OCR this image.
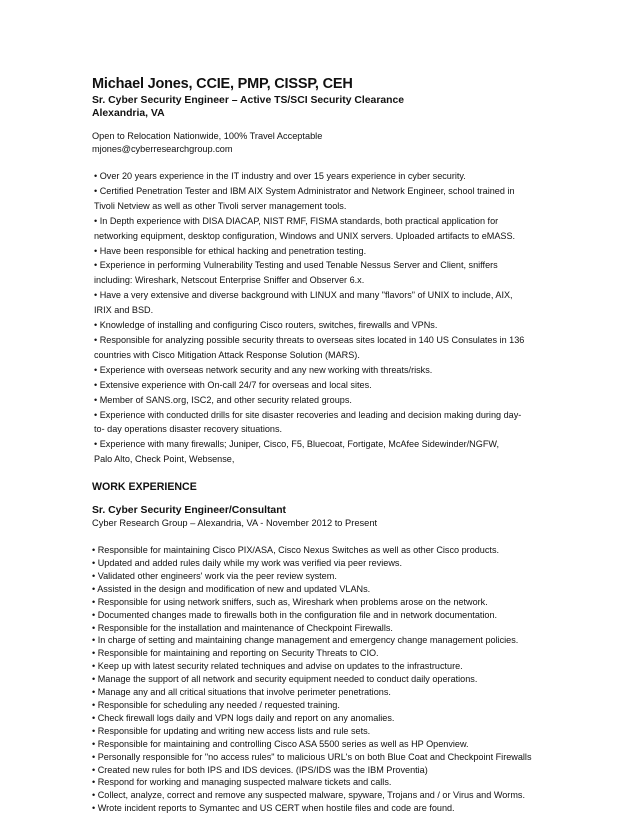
Michael Jones, CCIE, PMP, CISSP, CEH
Sr. Cyber Security Engineer – Active TS/SCI Security Clearance
Alexandria, VA
Open to Relocation Nationwide, 100% Travel Acceptable
mjones@cyberresearchgroup.com
• Over 20 years experience in the IT industry and over 15 years experience in cyber security.
• Certified Penetration Tester and IBM AIX System Administrator and Network Engineer, school trained in
Tivoli Netview as well as other Tivoli server management tools.
• In Depth experience with DISA DIACAP, NIST RMF, FISMA standards, both practical application for
networking equipment, desktop configuration, Windows and UNIX servers. Uploaded artifacts to eMASS.
• Have been responsible for ethical hacking and penetration testing.
• Experience in performing Vulnerability Testing and used Tenable Nessus Server and Client, sniffers
including: Wireshark, Netscout Enterprise Sniffer and Observer 6.x.
• Have a very extensive and diverse background with LINUX and many "flavors" of UNIX to include, AIX,
IRIX and BSD.
• Knowledge of installing and configuring Cisco routers, switches, firewalls and VPNs.
• Responsible for analyzing possible security threats to overseas sites located in 140 US Consulates in 136
countries with Cisco Mitigation Attack Response Solution (MARS).
• Experience with overseas network security and any new working with threats/risks.
• Extensive experience with On-call 24/7 for overseas and local sites.
• Member of SANS.org, ISC2, and other security related groups.
• Experience with conducted drills for site disaster recoveries and leading and decision making during day-
to- day operations disaster recovery situations.
• Experience with many firewalls; Juniper, Cisco, F5, Bluecoat, Fortigate, McAfee Sidewinder/NGFW,
Palo Alto, Check Point, Websense,
WORK EXPERIENCE
Sr. Cyber Security Engineer/Consultant
Cyber Research Group – Alexandria, VA - November 2012 to Present
• Responsible for maintaining Cisco PIX/ASA, Cisco Nexus Switches as well as other Cisco products.
• Updated and added rules daily while my work was verified via peer reviews.
• Validated other engineers' work via the peer review system.
• Assisted in the design and modification of new and updated VLANs.
• Responsible for using network sniffers, such as, Wireshark when problems arose on the network.
• Documented changes made to firewalls both in the configuration file and in network documentation.
• Responsible for the installation and maintenance of Checkpoint Firewalls.
• In charge of setting and maintaining change management and emergency change management policies.
• Responsible for maintaining and reporting on Security Threats to CIO.
• Keep up with latest security related techniques and advise on updates to the infrastructure.
• Manage the support of all network and security equipment needed to conduct daily operations.
• Manage any and all critical situations that involve perimeter penetrations.
• Responsible for scheduling any needed / requested training.
• Check firewall logs daily and VPN logs daily and report on any anomalies.
• Responsible for updating and writing new access lists and rule sets.
• Responsible for maintaining and controlling Cisco ASA 5500 series as well as HP Openview.
• Personally responsible for "no access rules" to malicious URL's on both Blue Coat and Checkpoint Firewalls
• Created new rules for both IPS and IDS devices. (IPS/IDS was the IBM Proventia)
• Respond for working and managing suspected malware tickets and calls.
• Collect, analyze, correct and remove any suspected malware, spyware, Trojans and / or Virus and Worms.
• Wrote incident reports to Symantec and US CERT when hostile files and code are found.
